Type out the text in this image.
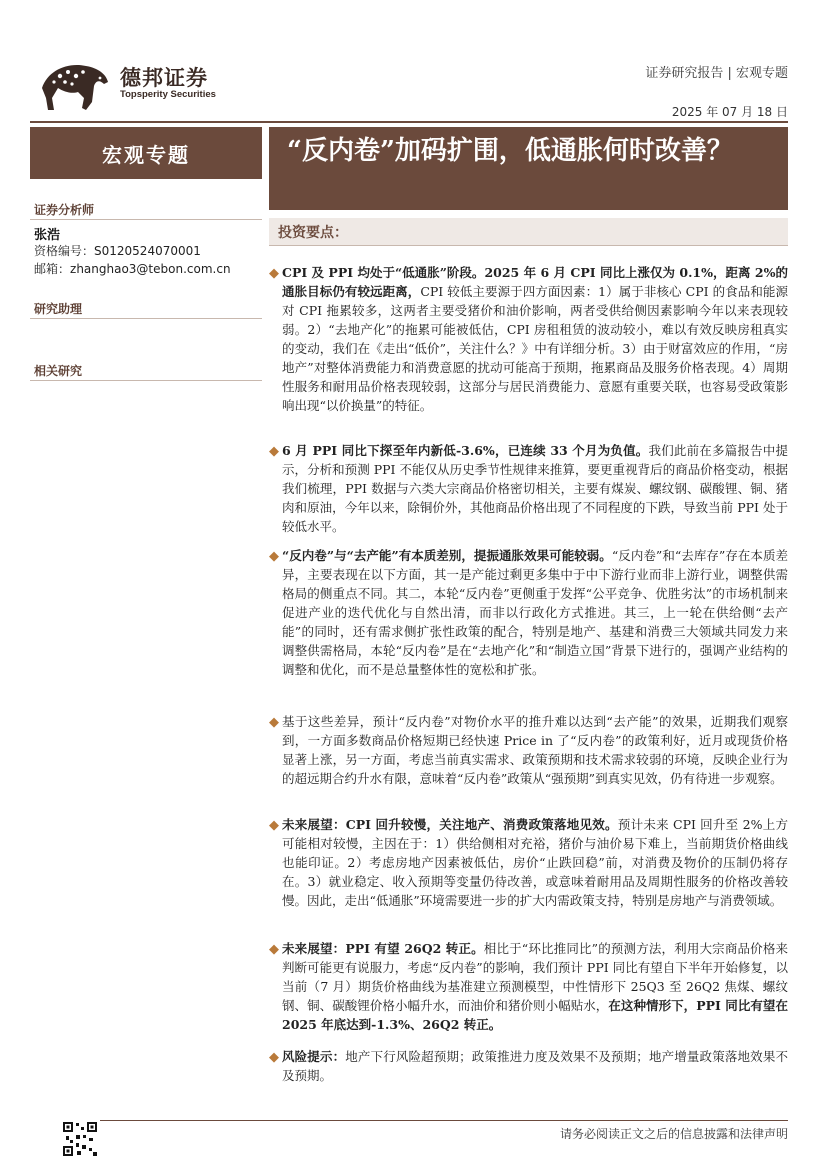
德邦证券
Topsperity Securities
证券研究报告 | 宏观专题
2025 年 07 月 18 日
宏观专题
证券分析师
张浩
资格编号：S0120524070001
邮箱：zhanghao3@tebon.com.cn
研究助理
相关研究
“反内卷”加码扩围，低通胀何时改善？
投资要点：
◆ CPI 及 PPI 均处于“低通胀”阶段。2025 年 6 月 CPI 同比上涨仅为 0.1%，距离 2%的通胀目标仍有较远距离，CPI 较低主要源于四方面因素：1）属于非核心 CPI 的食品和能源对 CPI 拖累较多，这两者主要受猪价和油价影响，两者受供给侧因素影响今年以来表现较弱。2）“去地产化”的拖累可能被低估，CPI 房租租赁的波动较小，难以有效反映房租真实的变动，我们在《走出“低价”，关注什么？》中有详细分析。3）由于财富效应的作用，“房地产”对整体消费能力和消费意愿的扰动可能高于预期，拖累商品及服务价格表现。4）周期性服务和耐用品价格表现较弱，这部分与居民消费能力、意愿有重要关联，也容易受政策影响出现“以价换量”的特征。
◆ 6 月 PPI 同比下探至年内新低-3.6%，已连续 33 个月为负值。我们此前在多篇报告中提示，分析和预测 PPI 不能仅从历史季节性规律来推算，要更重视背后的商品价格变动，根据我们梳理，PPI 数据与六类大宗商品价格密切相关，主要有煤炭、螺纹钢、碳酸锂、铜、猪肉和原油，今年以来，除铜价外，其他商品价格出现了不同程度的下跌，导致当前 PPI 处于较低水平。
◆ “反内卷”与“去产能”有本质差别，提振通胀效果可能较弱。“反内卷”和“去库存”存在本质差异，主要表现在以下方面，其一是产能过剩更多集中于中下游行业而非上游行业，调整供需格局的侧重点不同。其二，本轮“反内卷”更侧重于发挥“公平竞争、优胜劣汰”的市场机制来促进产业的迭代优化与自然出清，而非以行政化方式推进。其三，上一轮在供给侧“去产能”的同时，还有需求侧扩张性政策的配合，特别是地产、基建和消费三大领域共同发力来调整供需格局，本轮“反内卷”是在“去地产化”和“制造立国”背景下进行的，强调产业结构的调整和优化，而不是总量整体性的宽松和扩张。
◆ 基于这些差异，预计“反内卷”对物价水平的推升难以达到“去产能”的效果，近期我们观察到，一方面多数商品价格短期已经快速 Price in 了“反内卷”的政策利好，近月或现货价格显著上涨，另一方面，考虑当前真实需求、政策预期和技术需求较弱的环境，反映企业行为的超远期合约升水有限，意味着“反内卷”政策从“强预期”到真实见效，仍有待进一步观察。
◆ 未来展望：CPI 回升较慢，关注地产、消费政策落地见效。预计未来 CPI 回升至 2%上方可能相对较慢，主因在于：1）供给侧相对充裕，猪价与油价易下难上，当前期货价格曲线也能印证。2）考虑房地产因素被低估，房价“止跌回稳”前，对消费及物价的压制仍将存在。3）就业稳定、收入预期等变量仍待改善，或意味着耐用品及周期性服务的价格改善较慢。因此，走出“低通胀”环境需要进一步的扩大内需政策支持，特别是房地产与消费领域。
◆ 未来展望：PPI 有望 26Q2 转正。相比于“环比推同比”的预测方法，利用大宗商品价格来判断可能更有说服力，考虑“反内卷”的影响，我们预计 PPI 同比有望自下半年开始修复，以当前（7 月）期货价格曲线为基准建立预测模型，中性情形下 25Q3 至 26Q2 焦煤、螺纹钢、铜、碳酸锂价格小幅升水，而油价和猪价则小幅贴水，在这种情形下，PPI 同比有望在 2025 年底达到-1.3%、26Q2 转正。
◆ 风险提示：地产下行风险超预期；政策推进力度及效果不及预期；地产增量政策落地效果不及预期。
请务必阅读正文之后的信息披露和法律声明
